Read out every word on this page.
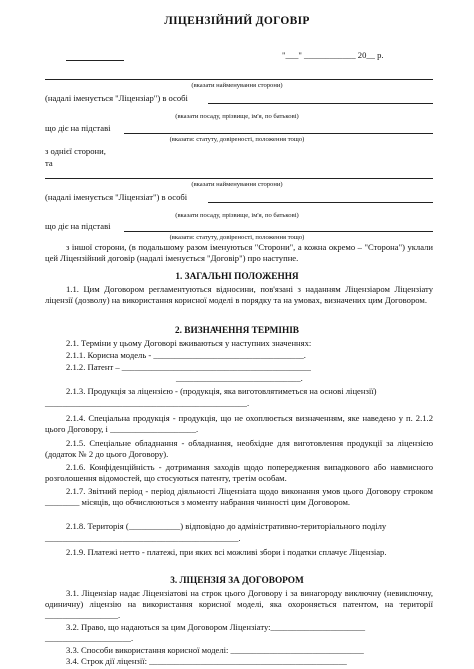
ЛІЦЕНЗІЙНИЙ ДОГОВІР
"___" ____________ 20__ р.
(вказати найменування сторони)
(надалі іменується "Ліцензіар") в особі
(вказати посаду, прізвище, ім'я, по батькові)
що діє на підставі
(вказати: статуту, довіреності, положення тощо)
з однієї сторони,
та
(вказати найменування сторони)
(надалі іменується "Ліцензіат") в особі
(вказати посаду, прізвище, ім'я, по батькові)
що діє на підставі
(вказати: статуту, довіреності, положення тощо)
з іншої сторони, (в подальшому разом іменуються "Сторони", а кожна окремо – "Сторона") уклали цей Ліцензійний договір (надалі іменується "Договір") про наступне.
1. ЗАГАЛЬНІ ПОЛОЖЕННЯ
1.1. Цим Договором регламентуються відносини, пов'язані з наданням Ліцензіаром Ліцензіату ліцензії (дозволу) на використання корисної моделі в порядку та на умовах, визначених цим Договором.
2. ВИЗНАЧЕННЯ ТЕРМІНІВ
2.1. Терміни у цьому Договорі вживаються у наступних значеннях:
2.1.1. Корисна модель - ___________________________________.
2.1.2. Патент – ____________________________________________
_____________________________.
2.1.3. Продукція за ліцензією - (продукція, яка виготовлятиметься на основі ліцензії)
_______________________________________________.
2.1.4. Спеціальна продукція - продукція, що не охоплюється визначенням, яке наведено у п. 2.1.2 цього Договору, і ____________________.
2.1.5. Спеціальне обладнання - обладнання, необхідне для виготовлення продукції за ліцензією (додаток № 2 до цього Договору).
2.1.6. Конфіденційність - дотримання заходів щодо попередження випадкового або навмисного розголошення відомостей, що стосуються патенту, третім особам.
2.1.7. Звітний період - період діяльності Ліцензіата щодо виконання умов цього Договору строком ________ місяців, що обчислюються з моменту набрання чинності цим Договором.
2.1.8. Територія (____________) відповідно до адміністративно-територіального поділу
_____________________________________________.
2.1.9. Платежі нетто - платежі, при яких всі можливі збори і податки сплачує Ліцензіар.
3. ЛІЦЕНЗІЯ ЗА ДОГОВОРОМ
3.1. Ліцензіар надає Ліцензіатові на строк цього Договору і за винагороду виключну (невиключну, одиничну) ліцензію на використання корисної моделі, яка охороняється патентом, на території _________________.
3.2. Право, що надаються за цим Договором Ліцензіату:______________________
____________________.
3.3. Способи використання корисної моделі: _______________________________
3.4. Строк дії ліцензії: ______________________________________________
